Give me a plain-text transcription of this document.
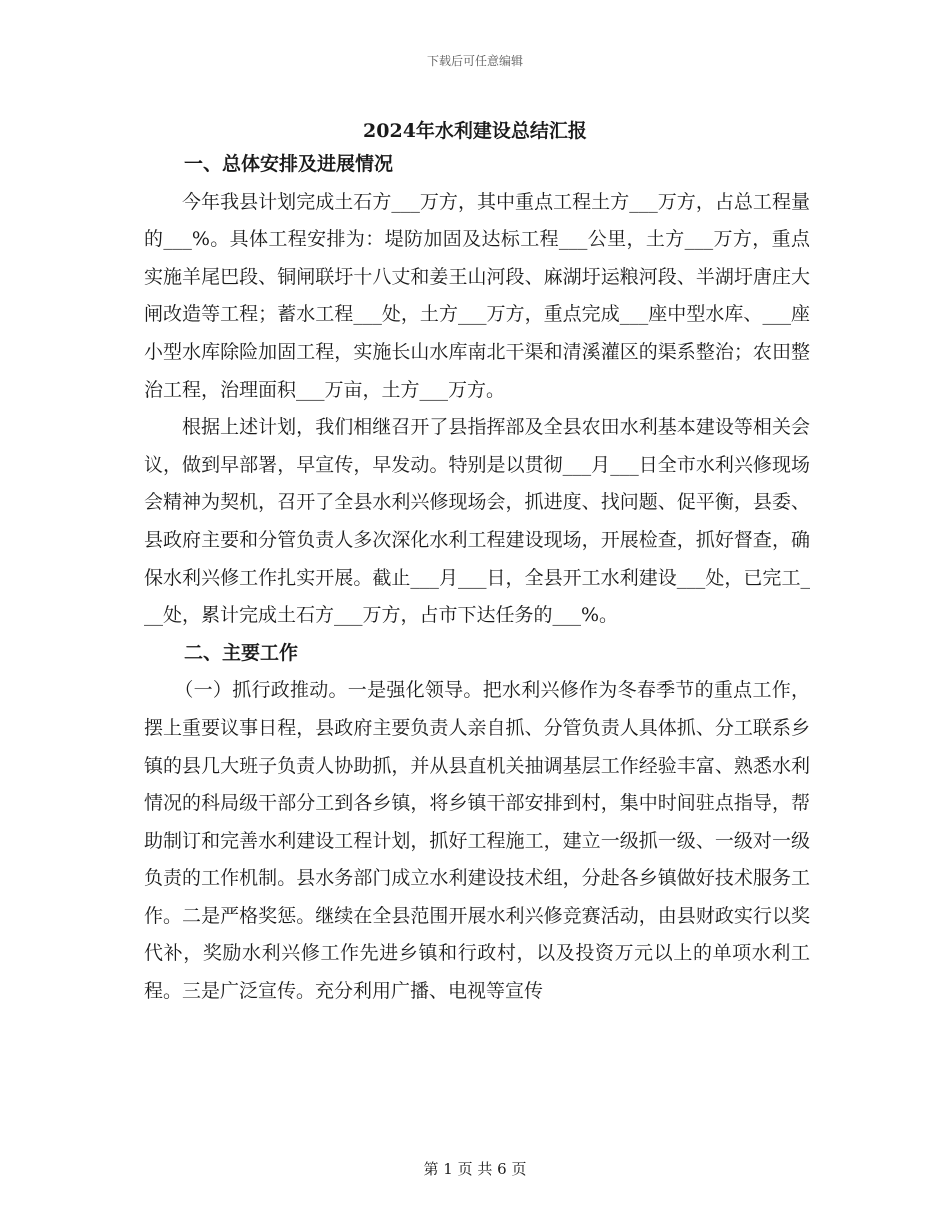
下载后可任意编辑
2024年水利建设总结汇报

一、总体安排及进展情况

今年我县计划完成土石方___万方，其中重点工程土方___万方，占总工程量的___%。具体工程安排为：堤防加固及达标工程___公里，土方___万方，重点实施羊尾巴段、铜闸联圩十八丈和姜王山河段、麻湖圩运粮河段、半湖圩唐庄大闸改造等工程；蓄水工程___处，土方___万方，重点完成___座中型水库、___座小型水库除险加固工程，实施长山水库南北干渠和清溪灌区的渠系整治；农田整治工程，治理面积___万亩，土方___万方。

根据上述计划，我们相继召开了县指挥部及全县农田水利基本建设等相关会议，做到早部署，早宣传，早发动。特别是以贯彻___月___日全市水利兴修现场会精神为契机，召开了全县水利兴修现场会，抓进度、找问题、促平衡，县委、县政府主要和分管负责人多次深化水利工程建设现场，开展检查，抓好督查，确保水利兴修工作扎实开展。截止___月___日，全县开工水利建设___处，已完工___处，累计完成土石方___万方，占市下达任务的___%。

二、主要工作

（一）抓行政推动。一是强化领导。把水利兴修作为冬春季节的重点工作，摆上重要议事日程，县政府主要负责人亲自抓、分管负责人具体抓、分工联系乡镇的县几大班子负责人协助抓，并从县直机关抽调基层工作经验丰富、熟悉水利情况的科局级干部分工到各乡镇，将乡镇干部安排到村，集中时间驻点指导，帮助制订和完善水利建设工程计划，抓好工程施工，建立一级抓一级、一级对一级负责的工作机制。县水务部门成立水利建设技术组，分赴各乡镇做好技术服务工作。二是严格奖惩。继续在全县范围开展水利兴修竞赛活动，由县财政实行以奖代补，奖励水利兴修工作先进乡镇和行政村，以及投资万元以上的单项水利工程。三是广泛宣传。充分利用广播、电视等宣传

第 1 页 共 6 页
